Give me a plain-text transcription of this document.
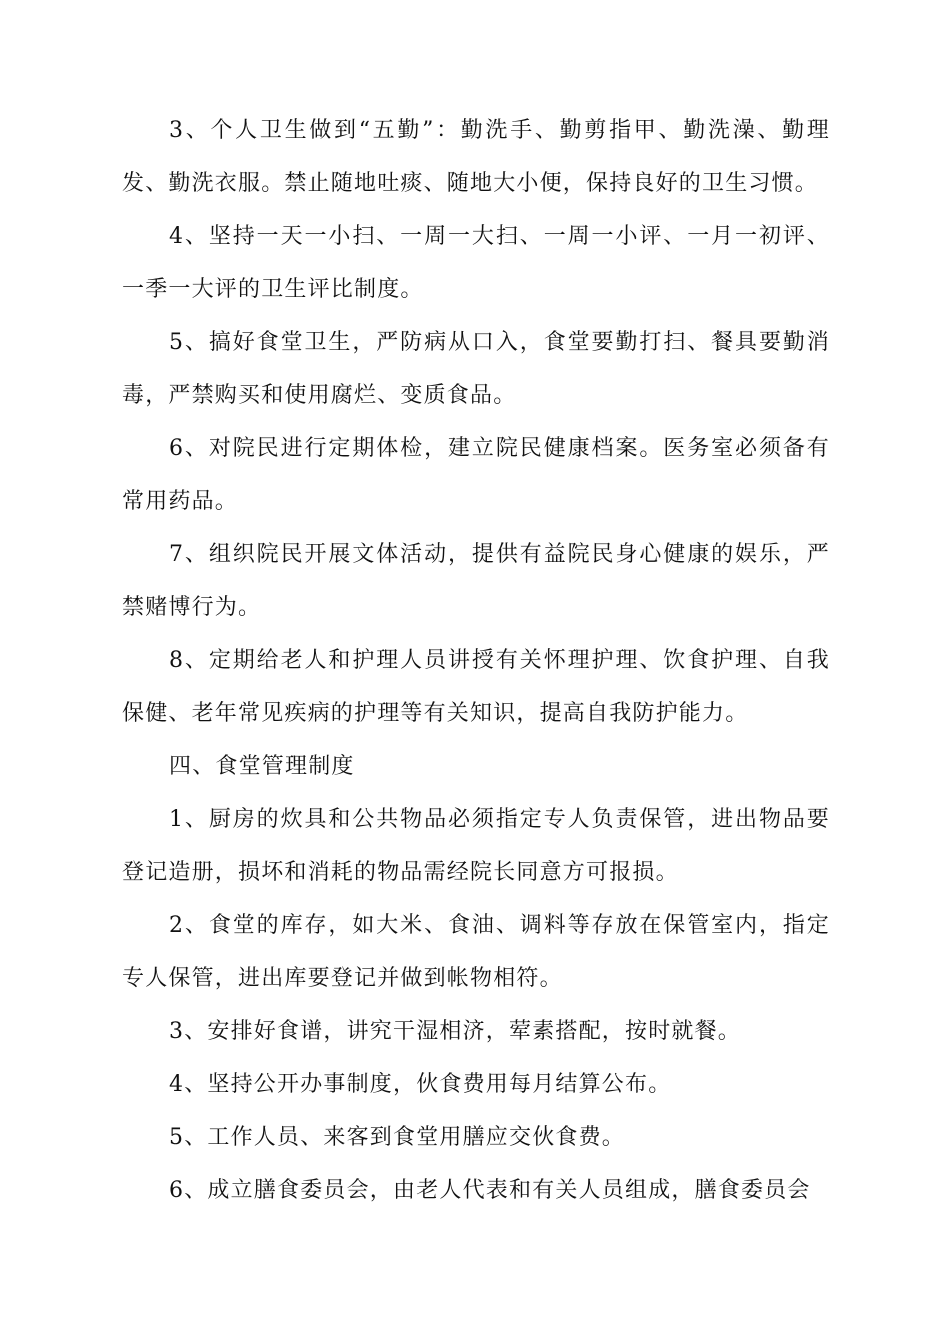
3、个人卫生做到“五勤”：勤洗手、勤剪指甲、勤洗澡、勤理发、勤洗衣服。禁止随地吐痰、随地大小便，保持良好的卫生习惯。

4、坚持一天一小扫、一周一大扫、一周一小评、一月一初评、一季一大评的卫生评比制度。

5、搞好食堂卫生，严防病从口入，食堂要勤打扫、餐具要勤消毒，严禁购买和使用腐烂、变质食品。

6、对院民进行定期体检，建立院民健康档案。医务室必须备有常用药品。

7、组织院民开展文体活动，提供有益院民身心健康的娱乐，严禁赌博行为。

8、定期给老人和护理人员讲授有关怀理护理、饮食护理、自我保健、老年常见疾病的护理等有关知识，提高自我防护能力。

四、食堂管理制度

1、厨房的炊具和公共物品必须指定专人负责保管，进出物品要登记造册，损坏和消耗的物品需经院长同意方可报损。

2、食堂的库存，如大米、食油、调料等存放在保管室内，指定专人保管，进出库要登记并做到帐物相符。

3、安排好食谱，讲究干湿相济，荤素搭配，按时就餐。

4、坚持公开办事制度，伙食费用每月结算公布。

5、工作人员、来客到食堂用膳应交伙食费。

6、成立膳食委员会，由老人代表和有关人员组成，膳食委员会
